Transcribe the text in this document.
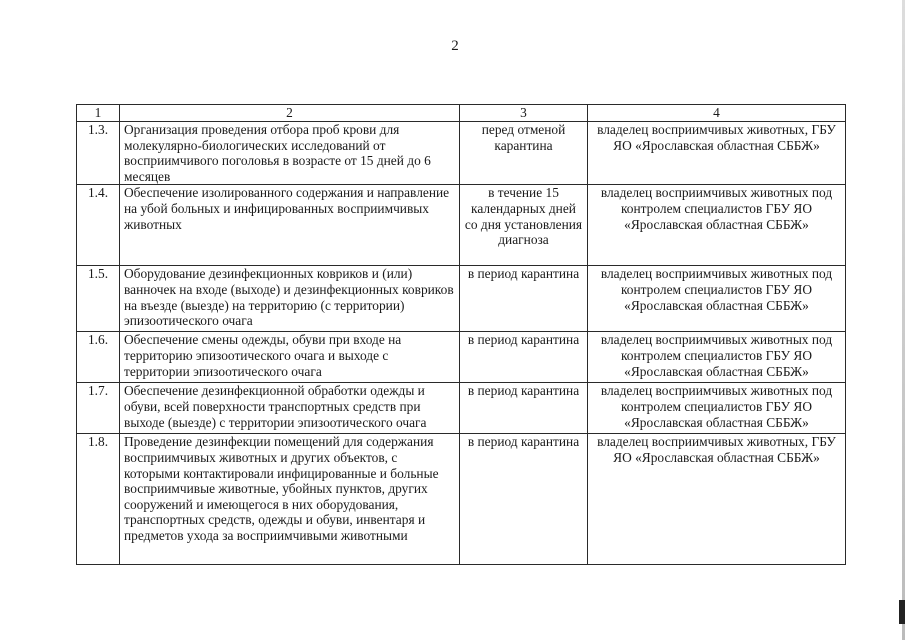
2
1	2	3	4
1.3.	Организация проведения отбора проб крови для молекулярно-биологических исследований от восприимчивого поголовья в возрасте от 15 дней до 6 месяцев	перед отменой карантина	владелец восприимчивых животных, ГБУ ЯО «Ярославская областная СББЖ»
1.4.	Обеспечение изолированного содержания и направление на убой больных и инфицированных восприимчивых животных	в течение 15 календарных дней со дня установления диагноза	владелец восприимчивых животных под контролем специалистов ГБУ ЯО «Ярославская областная СББЖ»
1.5.	Оборудование дезинфекционных ковриков и (или) ванночек на входе (выходе) и дезинфекционных ковриков на въезде (выезде) на территорию (с территории) эпизоотического очага	в период карантина	владелец восприимчивых животных под контролем специалистов ГБУ ЯО «Ярославская областная СББЖ»
1.6.	Обеспечение смены одежды, обуви при входе на территорию эпизоотического очага и выходе с территории эпизоотического очага	в период карантина	владелец восприимчивых животных под контролем специалистов ГБУ ЯО «Ярославская областная СББЖ»
1.7.	Обеспечение дезинфекционной обработки одежды и обуви, всей поверхности транспортных средств при выходе (выезде) с территории эпизоотического очага	в период карантина	владелец восприимчивых животных под контролем специалистов ГБУ ЯО «Ярославская областная СББЖ»
1.8.	Проведение дезинфекции помещений для содержания восприимчивых животных и других объектов, с которыми контактировали инфицированные и больные восприимчивые животные, убойных пунктов, других сооружений и имеющегося в них оборудования, транспортных средств, одежды и обуви, инвентаря и предметов ухода за восприимчивыми животными	в период карантина	владелец восприимчивых животных, ГБУ ЯО «Ярославская областная СББЖ»
